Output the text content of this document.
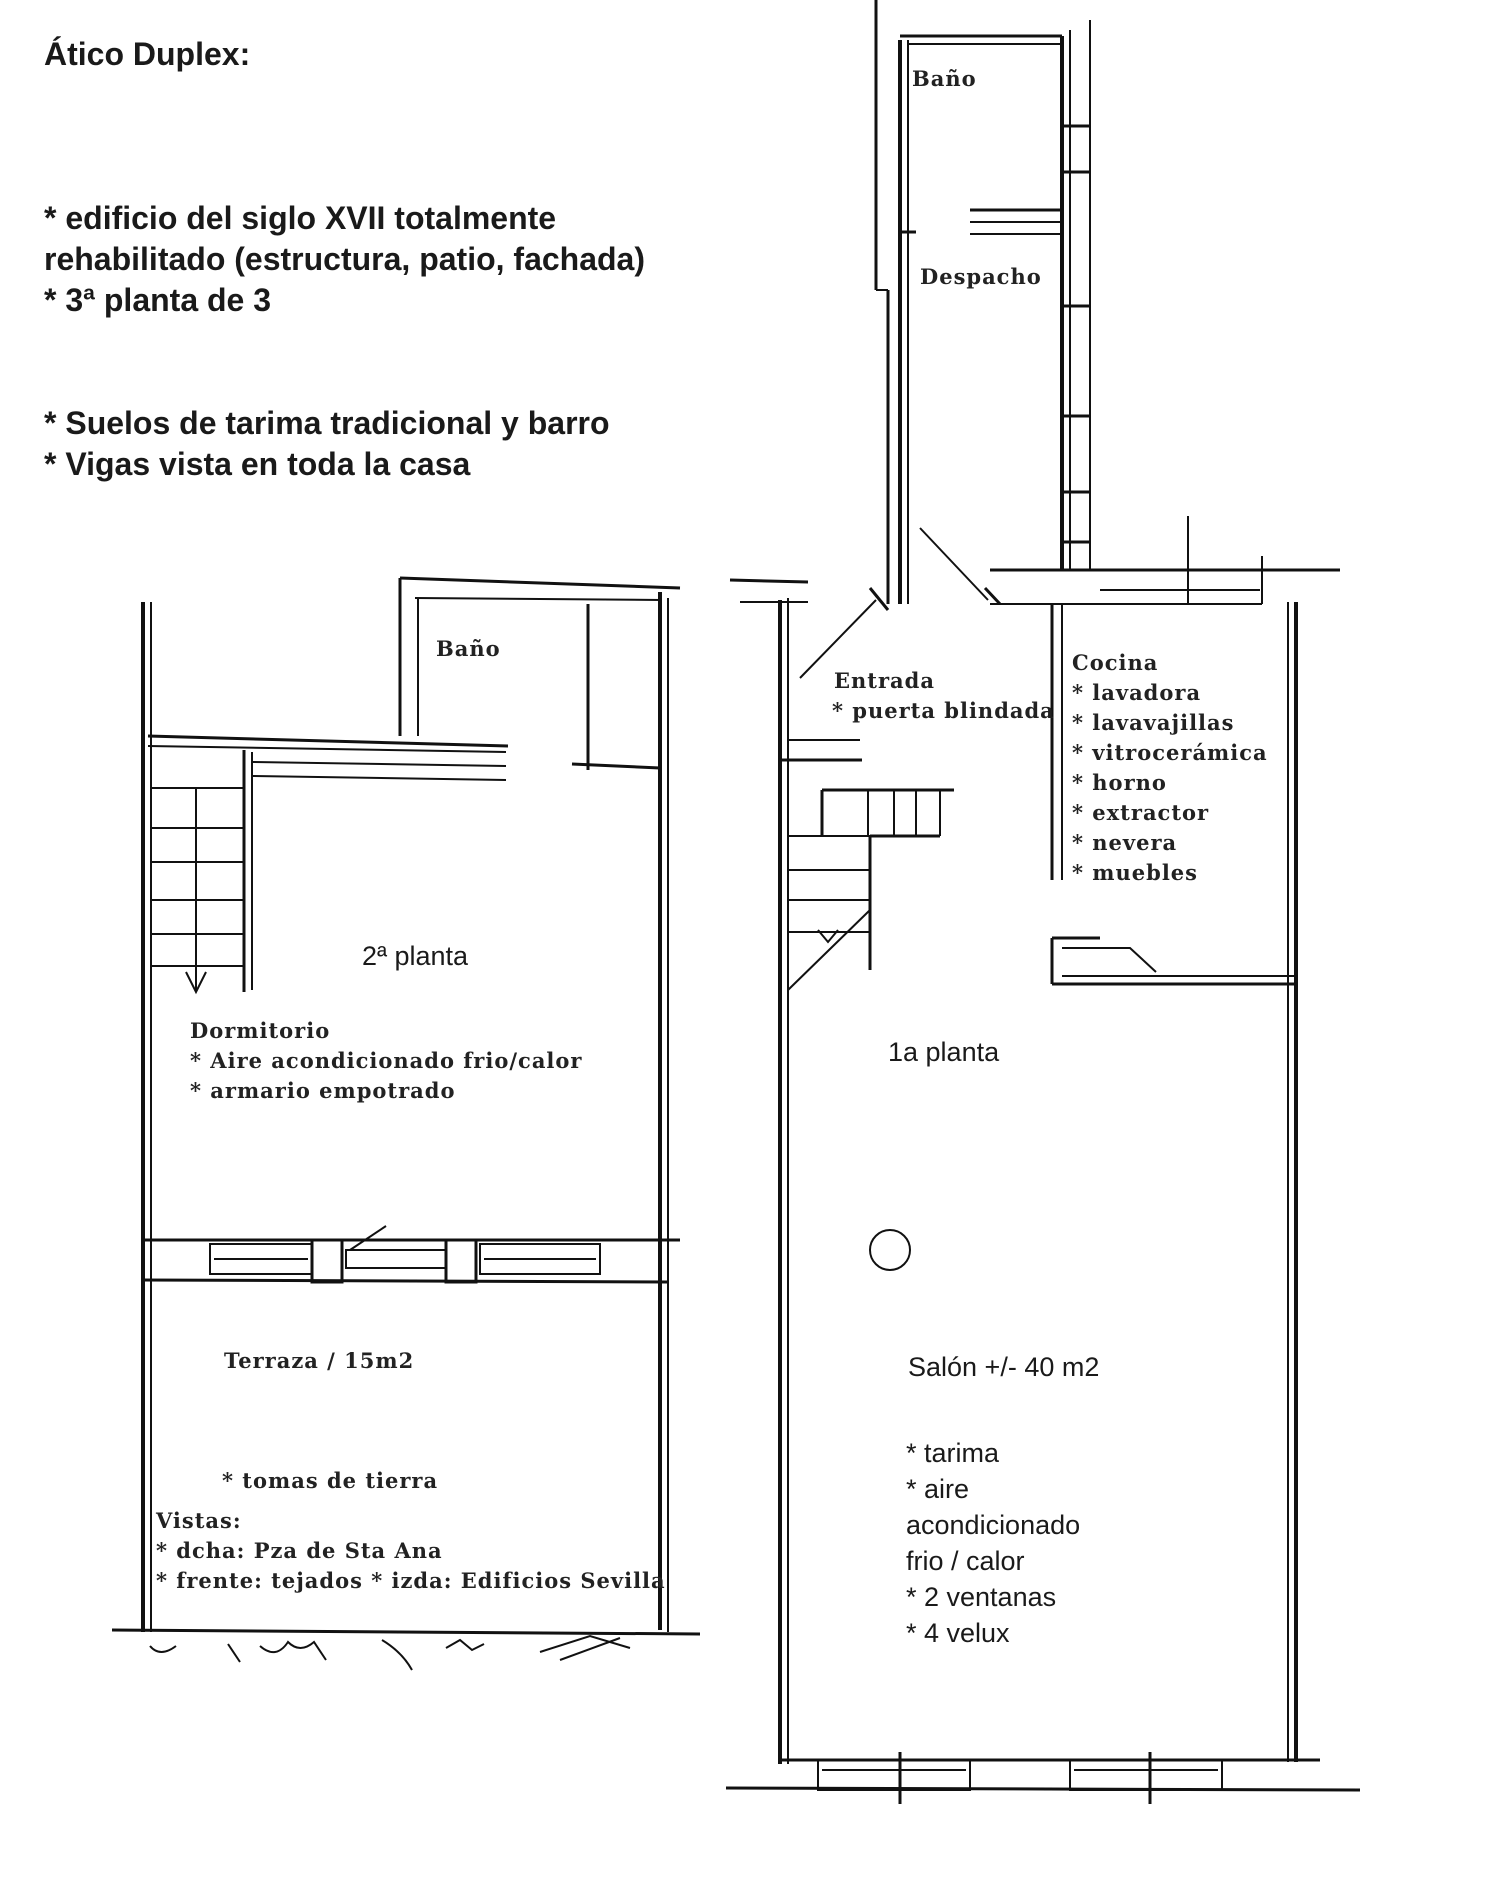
Ático Duplex:
* edificio del siglo XVII totalmente
rehabilitado (estructura, patio, fachada)
* 3ª planta de 3
* Suelos de tarima tradicional y barro
* Vigas vista en toda la casa
Baño
2ª planta
Dormitorio
* Aire acondicionado frio/calor
* armario empotrado
Terraza / 15m2
* tomas de tierra
Vistas:
* dcha: Pza de Sta Ana
* frente: tejados * izda: Edificios Sevilla
Baño
Despacho
Entrada
* puerta blindada
Cocina
* lavadora
* lavavajillas
* vitrocerámica
* horno
* extractor
* nevera
* muebles
1a planta
Salón +/- 40 m2
* tarima
* aire
acondicionado
frio / calor
* 2 ventanas
* 4 velux
